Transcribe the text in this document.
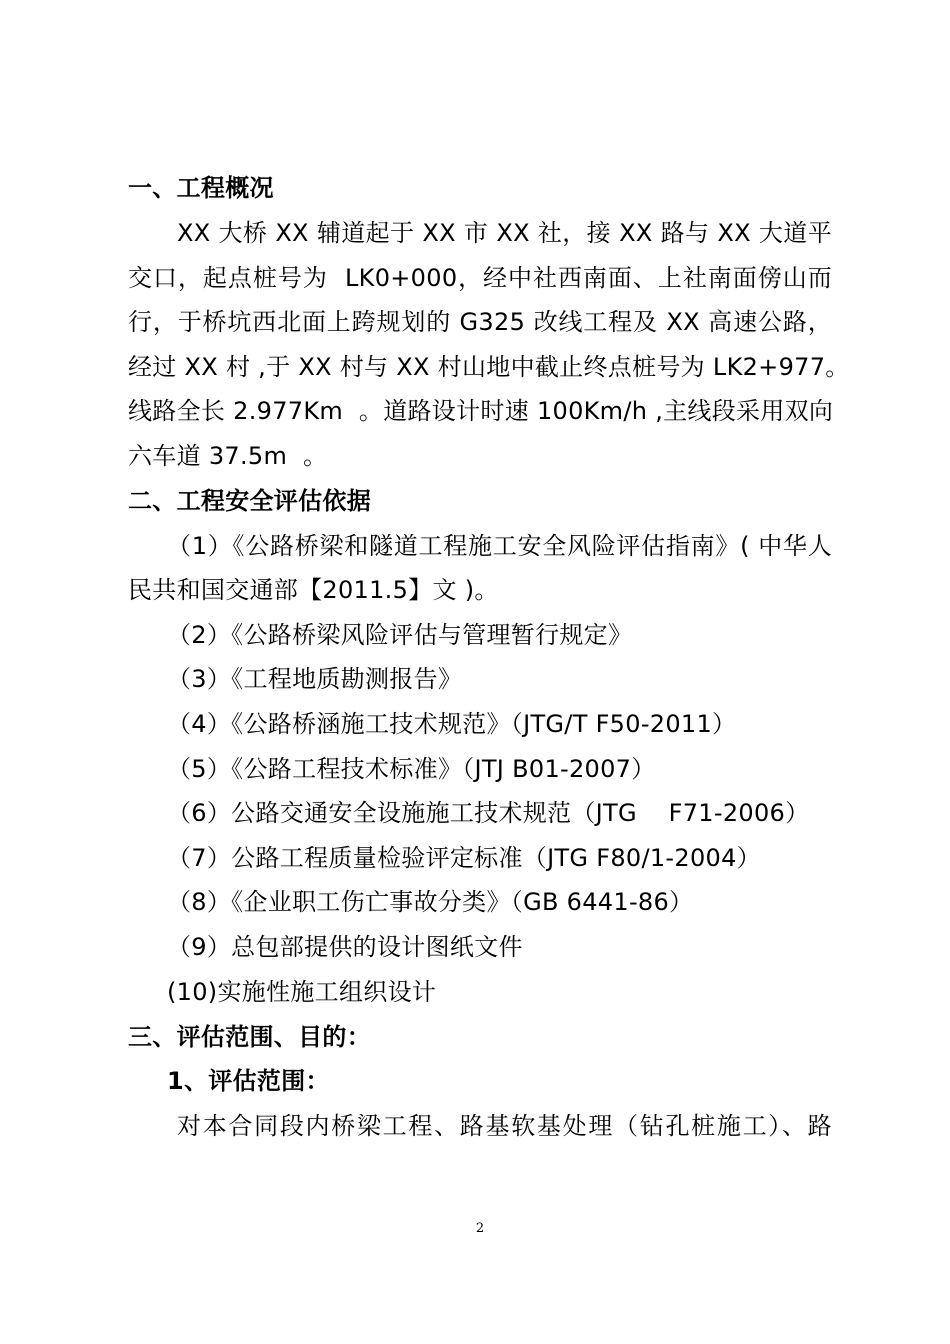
一、工程概况
XX 大桥 XX 辅道起于 XX 市 XX 社，接 XX 路与 XX 大道平
交口，起点桩号为  LK0+000，经中社西南面、上社南面傍山而
行，于桥坑西北面上跨规划的 G325 改线工程及 XX 高速公路，
经过 XX 村 ,于 XX 村与 XX 村山地中截止终点桩号为 LK2+977。
线路全长 2.977Km  。道路设计时速 100Km/h ,主线段采用双向
六车道 37.5m  。
二、工程安全评估依据
（1）《公路桥梁和隧道工程施工安全风险评估指南》( 中华人
民共和国交通部【2011.5】文 )。
（2）《公路桥梁风险评估与管理暂行规定》
（3）《工程地质勘测报告》
（4）《公路桥涵施工技术规范》（JTG/T F50-2011）
（5）《公路工程技术标准》（JTJ B01-2007）
（6）公路交通安全设施施工技术规范（JTG    F71-2006）
（7）公路工程质量检验评定标准（JTG F80/1-2004）
（8）《企业职工伤亡事故分类》（GB 6441-86）
（9）总包部提供的设计图纸文件
(10)实施性施工组织设计
三、评估范围、目的：
1、评估范围：
对本合同段内桥梁工程、路基软基处理（钻孔桩施工）、路
2
